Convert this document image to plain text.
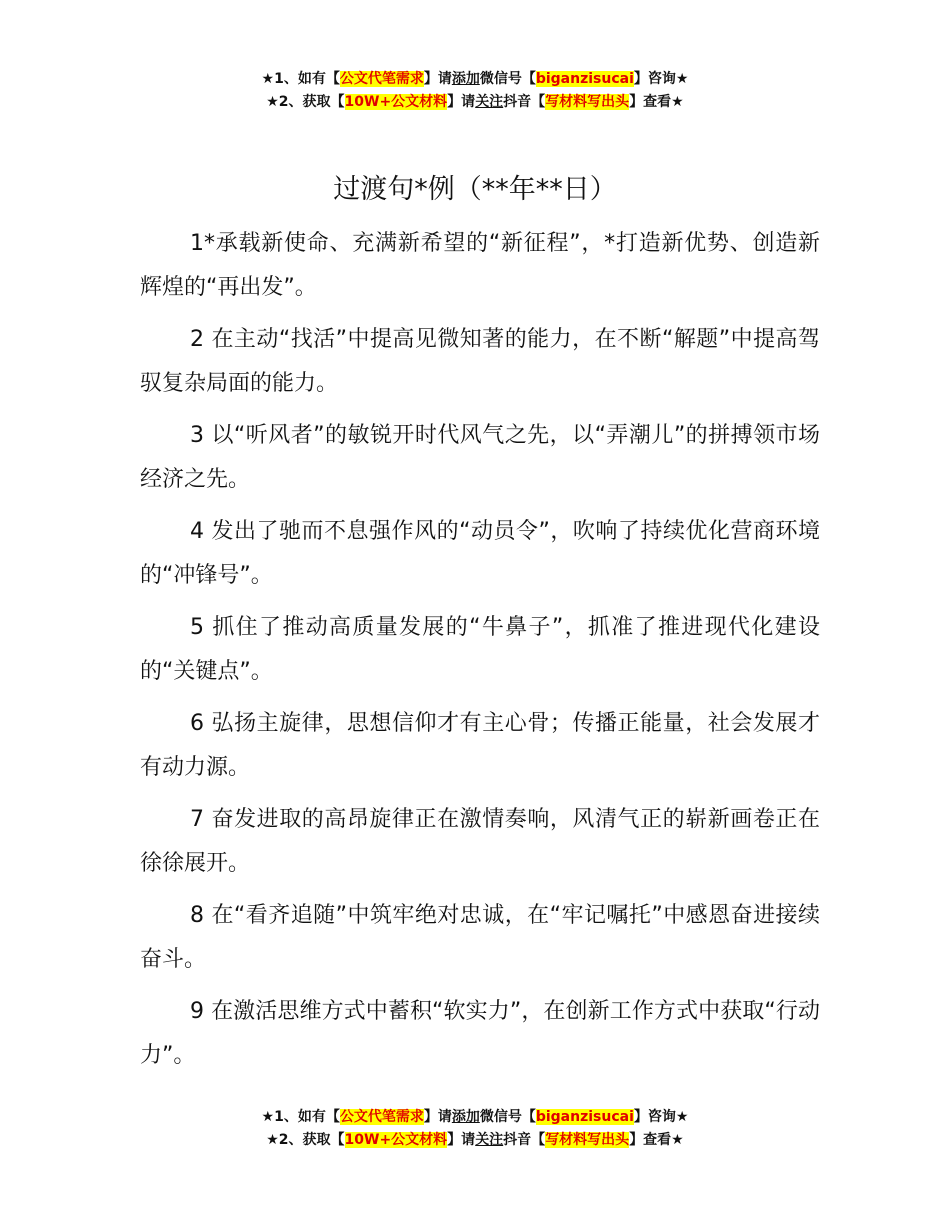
★1、如有【公文代笔需求】请添加微信号【biganzisucai】咨询★
★2、获取【10W+公文材料】请关注抖音【写材料写出头】查看★
过渡句*例（**年**日）

1*承载新使命、充满新希望的“新征程”，*打造新优势、创造新辉煌的“再出发”。

2 在主动“找活”中提高见微知著的能力，在不断“解题”中提高驾驭复杂局面的能力。

3 以“听风者”的敏锐开时代风气之先，以“弄潮儿”的拼搏领市场经济之先。

4 发出了驰而不息强作风的“动员令”，吹响了持续优化营商环境的“冲锋号”。

5 抓住了推动高质量发展的“牛鼻子”，抓准了推进现代化建设的“关键点”。

6 弘扬主旋律，思想信仰才有主心骨；传播正能量，社会发展才有动力源。

7 奋发进取的高昂旋律正在激情奏响，风清气正的崭新画卷正在徐徐展开。

8 在“看齐追随”中筑牢绝对忠诚，在“牢记嘱托”中感恩奋进接续奋斗。

9 在激活思维方式中蓄积“软实力”，在创新工作方式中获取“行动力”。

★1、如有【公文代笔需求】请添加微信号【biganzisucai】咨询★
★2、获取【10W+公文材料】请关注抖音【写材料写出头】查看★
